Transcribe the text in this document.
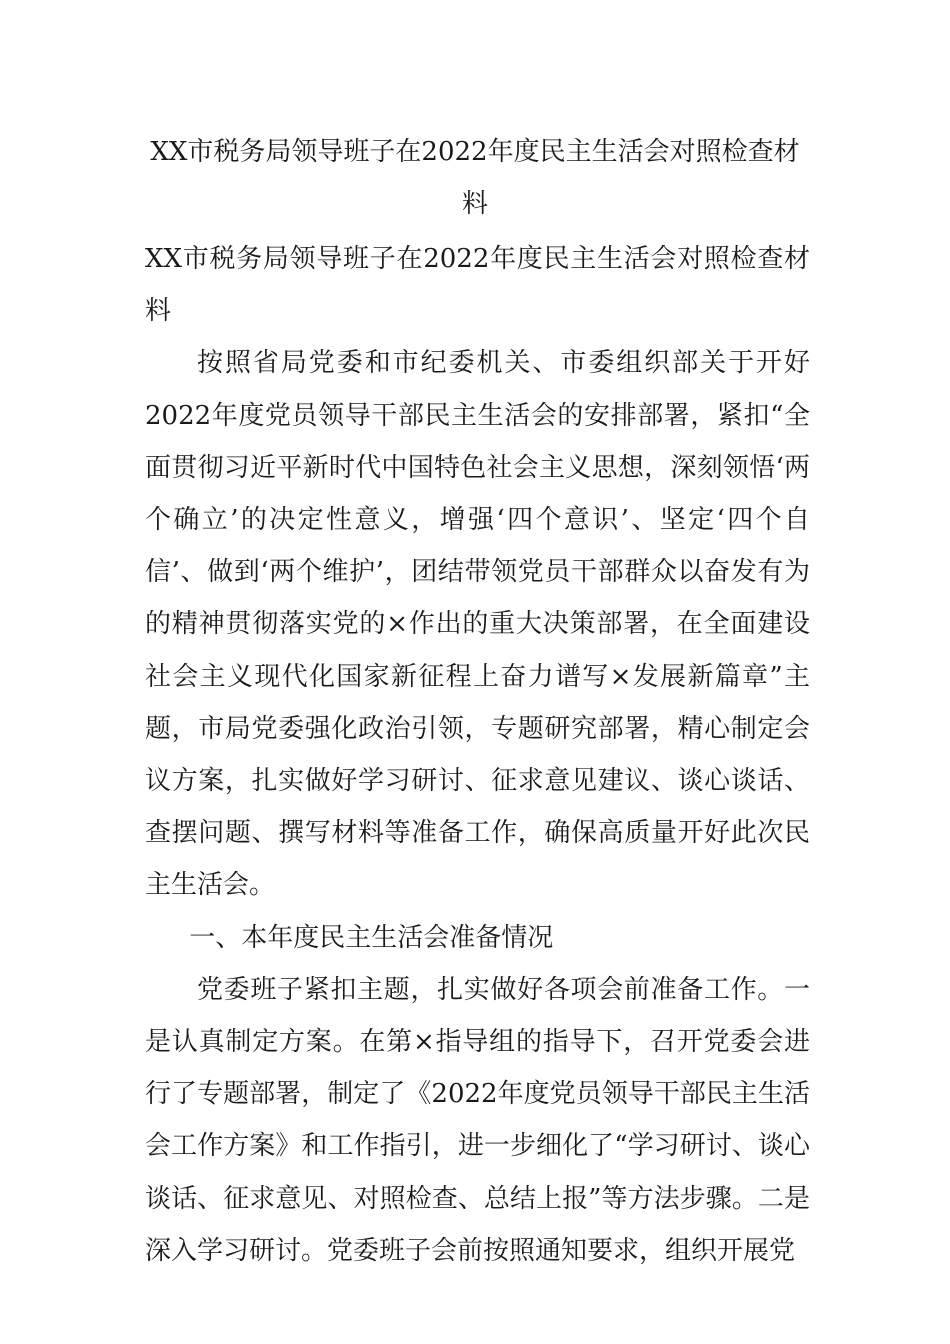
XX市税务局领导班子在2022年度民主生活会对照检查材料

XX市税务局领导班子在2022年度民主生活会对照检查材料

按照省局党委和市纪委机关、市委组织部关于开好2022年度党员领导干部民主生活会的安排部署，紧扣“全面贯彻习近平新时代中国特色社会主义思想，深刻领悟‘两个确立’的决定性意义，增强‘四个意识’、坚定‘四个自信’、做到‘两个维护’，团结带领党员干部群众以奋发有为的精神贯彻落实党的×作出的重大决策部署，在全面建设社会主义现代化国家新征程上奋力谱写×发展新篇章”主题，市局党委强化政治引领，专题研究部署，精心制定会议方案，扎实做好学习研讨、征求意见建议、谈心谈话、查摆问题、撰写材料等准备工作，确保高质量开好此次民主生活会。

一、本年度民主生活会准备情况

党委班子紧扣主题，扎实做好各项会前准备工作。一是认真制定方案。在第×指导组的指导下，召开党委会进行了专题部署，制定了《2022年度党员领导干部民主生活会工作方案》和工作指引，进一步细化了“学习研讨、谈心谈话、征求意见、对照检查、总结上报”等方法步骤。二是深入学习研讨。党委班子会前按照通知要求，组织开展党
